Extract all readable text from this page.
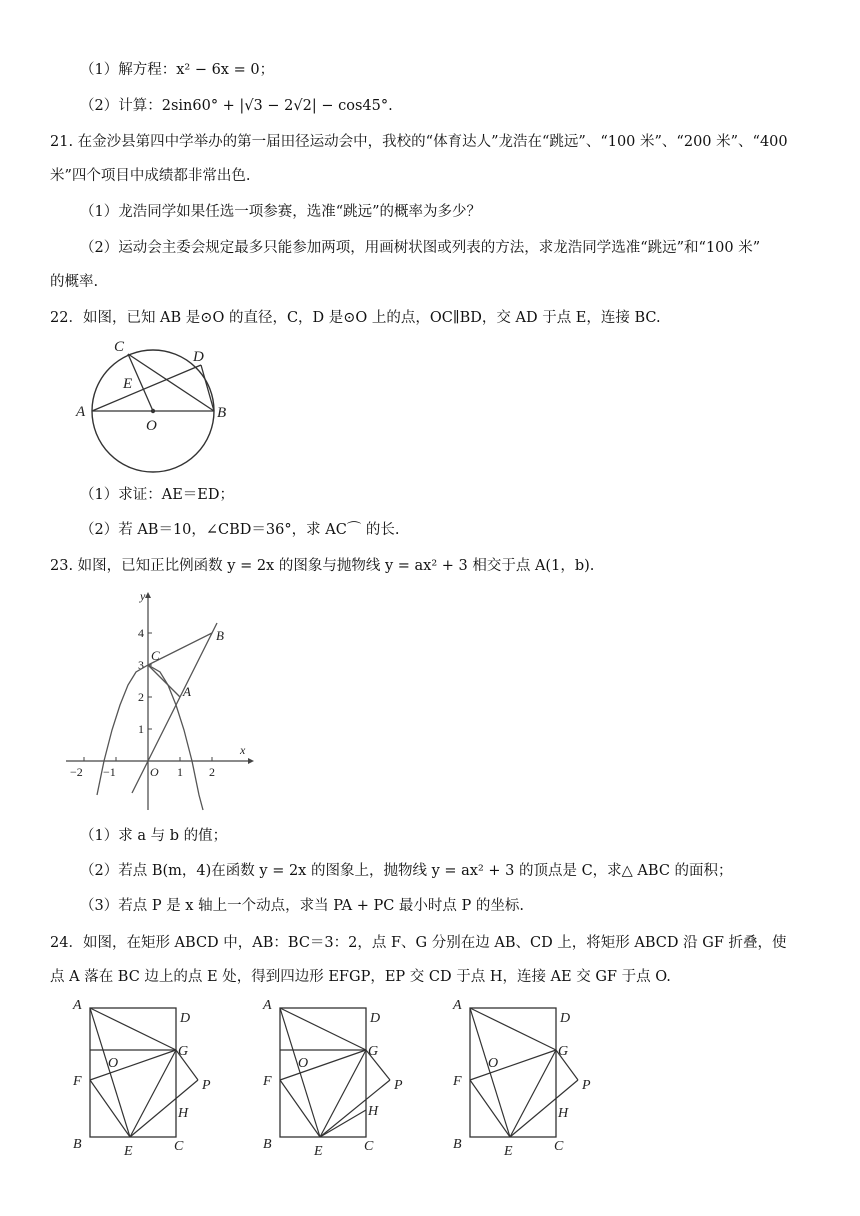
（1）解方程：x² − 6x = 0；
（2）计算：2sin60° + |√3 − 2√2| − cos45°.
21. 在金沙县第四中学举办的第一届田径运动会中，我校的“体育达人”龙浩在“跳远”、“100 米”、“200 米”、“400
米”四个项目中成绩都非常出色.
（1）龙浩同学如果任选一项参赛，选准“跳远”的概率为多少？
（2）运动会主委会规定最多只能参加两项，用画树状图或列表的方法，求龙浩同学选准“跳远”和“100 米”
的概率.
22．如图，已知 AB 是⊙O 的直径，C，D 是⊙O 上的点，OC∥BD，交 AD 于点 E，连接 BC.
C
D
E
A	B
O
（1）求证：AE＝ED；
（2）若 AB＝10，∠CBD＝36°，求 AC⌒ 的长.
23. 如图，已知正比例函数 y = 2x 的图象与抛物线 y = ax² + 3 相交于点 A(1，b).
x
y
O
−2 −1	1 2
1
2
3
4
C
A
B
（1）求 a 与 b 的值；
（2）若点 B(m，4)在函数 y = 2x 的图象上，抛物线 y = ax² + 3 的顶点是 C，求△ ABC 的面积；
（3）若点 P 是 x 轴上一个动点，求当 PA + PC 最小时点 P 的坐标.
24．如图，在矩形 ABCD 中，AB：BC＝3：2，点 F、G 分别在边 AB、CD 上，将矩形 ABCD 沿 GF 折叠，使
点 A 落在 BC 边上的点 E 处，得到四边形 EFGP，EP 交 CD 于点 H，连接 AE 交 GF 于点 O.
A
D
G
O
F	P
H
B	E	C
A
D
G
O
F	P
H
B	E	C
A
D
G
O
F	P
H
B	E	C
